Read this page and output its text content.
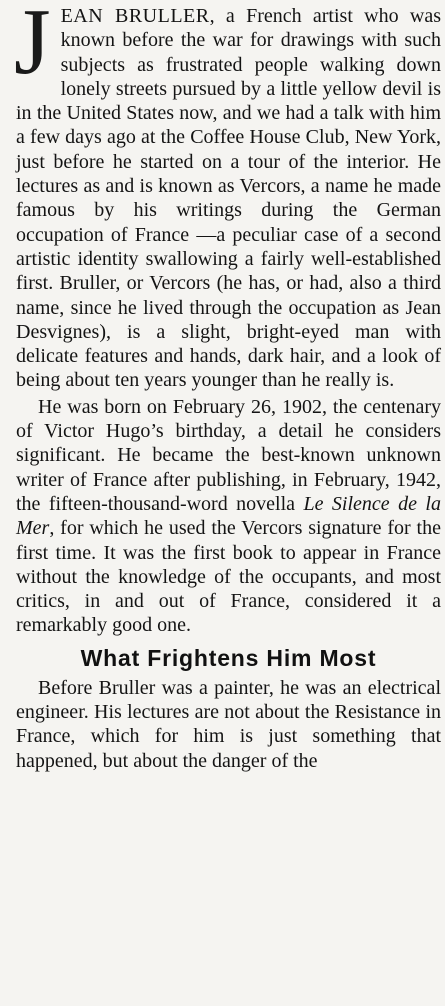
JEAN BRULLER, a French artist who was known before the war for drawings with such subjects as frustrated people walking down lonely streets pursued by a little yellow devil is in the United States now, and we had a talk with him a few days ago at the Coffee House Club, New York, just before he started on a tour of the interior. He lectures as and is known as Vercors, a name he made famous by his writings during the German occupation of France —a peculiar case of a second artistic identity swallowing a fairly well-established first. Bruller, or Vercors (he has, or had, also a third name, since he lived through the occupation as Jean Desvignes), is a slight, bright-eyed man with delicate features and hands, dark hair, and a look of being about ten years younger than he really is.

He was born on February 26, 1902, the centenary of Victor Hugo’s birthday, a detail he considers significant. He became the best-known unknown writer of France after publishing, in February, 1942, the fifteen-thousand-word novella Le Silence de la Mer, for which he used the Vercors signature for the first time. It was the first book to appear in France without the knowledge of the occupants, and most critics, in and out of France, considered it a remarkably good one.

What Frightens Him Most

Before Bruller was a painter, he was an electrical engineer. His lectures are not about the Resistance in France, which for him is just something that happened, but about the danger of the
